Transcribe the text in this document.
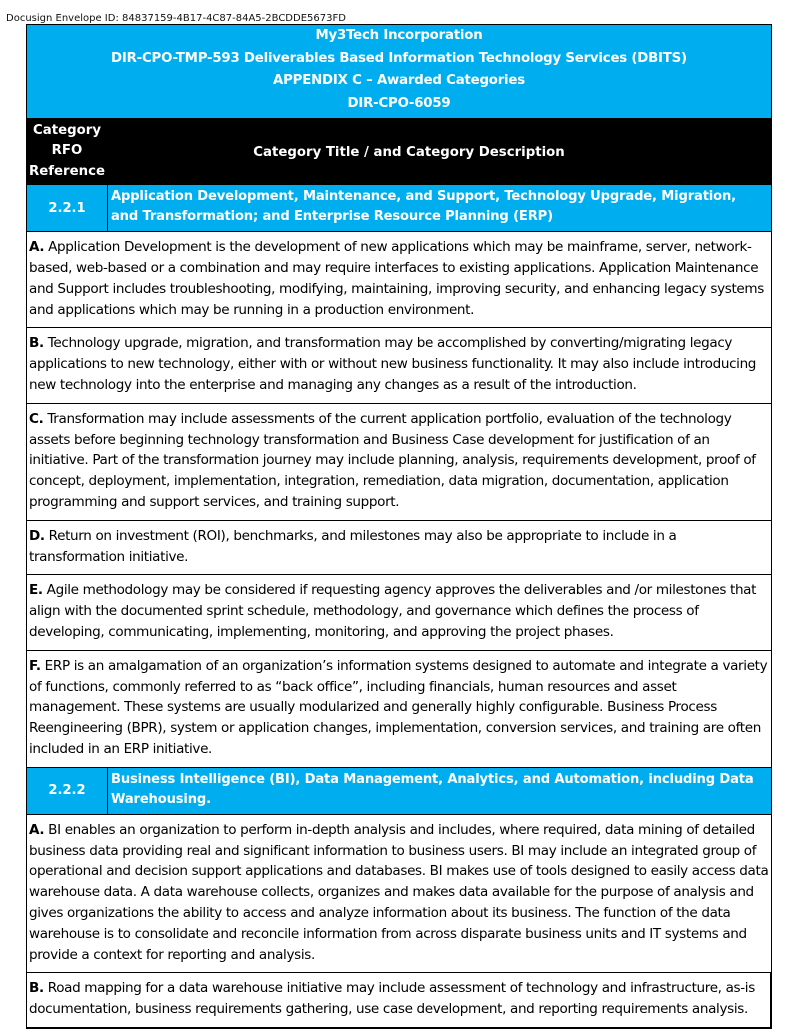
Docusign Envelope ID: 84837159-4B17-4C87-84A5-2BCDDE5673FD
My3Tech Incorporation
DIR-CPO-TMP-593 Deliverables Based Information Technology Services (DBITS)
APPENDIX C – Awarded Categories
DIR-CPO-6059
Category
RFO
Reference
Category Title / and Category Description
2.2.1
Application Development, Maintenance, and Support, Technology Upgrade, Migration, and Transformation; and Enterprise Resource Planning (ERP)
A. Application Development is the development of new applications which may be mainframe, server, network-based, web-based or a combination and may require interfaces to existing applications. Application Maintenance and Support includes troubleshooting, modifying, maintaining, improving security, and enhancing legacy systems and applications which may be running in a production environment.
B. Technology upgrade, migration, and transformation may be accomplished by converting/migrating legacy applications to new technology, either with or without new business functionality. It may also include introducing new technology into the enterprise and managing any changes as a result of the introduction.
C. Transformation may include assessments of the current application portfolio, evaluation of the technology assets before beginning technology transformation and Business Case development for justification of an initiative. Part of the transformation journey may include planning, analysis, requirements development, proof of concept, deployment, implementation, integration, remediation, data migration, documentation, application programming and support services, and training support.
D. Return on investment (ROI), benchmarks, and milestones may also be appropriate to include in a transformation initiative.
E. Agile methodology may be considered if requesting agency approves the deliverables and /or milestones that align with the documented sprint schedule, methodology, and governance which defines the process of developing, communicating, implementing, monitoring, and approving the project phases.
F. ERP is an amalgamation of an organization’s information systems designed to automate and integrate a variety of functions, commonly referred to as “back office”, including financials, human resources and asset management. These systems are usually modularized and generally highly configurable. Business Process Reengineering (BPR), system or application changes, implementation, conversion services, and training are often included in an ERP initiative.
2.2.2
Business Intelligence (BI), Data Management, Analytics, and Automation, including Data Warehousing.
A. BI enables an organization to perform in-depth analysis and includes, where required, data mining of detailed business data providing real and significant information to business users. BI may include an integrated group of operational and decision support applications and databases. BI makes use of tools designed to easily access data warehouse data. A data warehouse collects, organizes and makes data available for the purpose of analysis and gives organizations the ability to access and analyze information about its business. The function of the data warehouse is to consolidate and reconcile information from across disparate business units and IT systems and provide a context for reporting and analysis.
B. Road mapping for a data warehouse initiative may include assessment of technology and infrastructure, as-is documentation, business requirements gathering, use case development, and reporting requirements analysis.
